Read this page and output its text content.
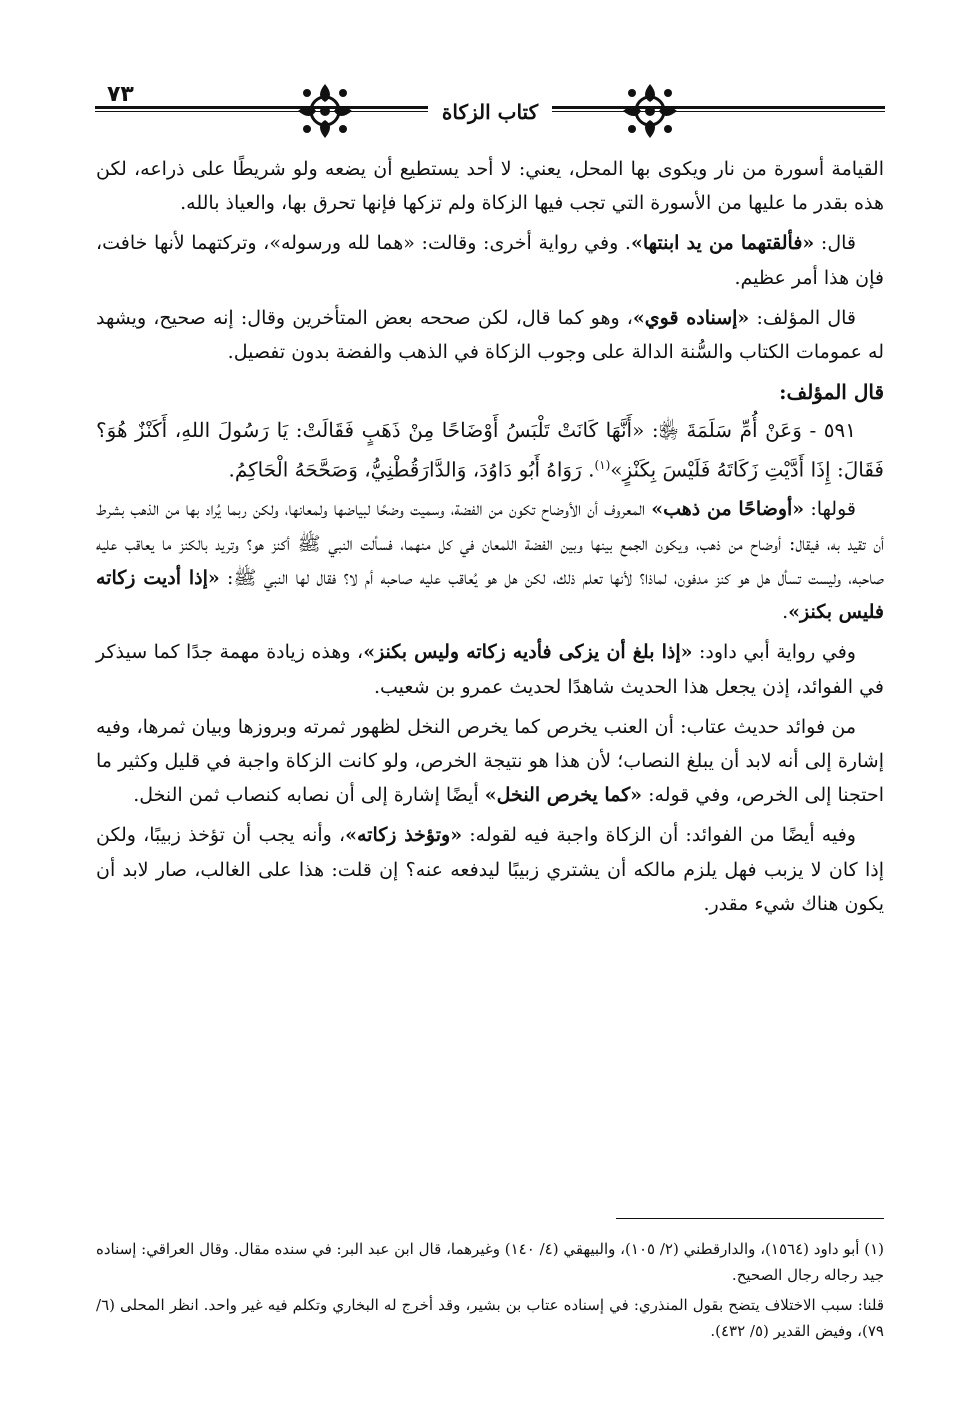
٧٣
كتاب الزكاة

القيامة أسورة من نار ويكوى بها المحل، يعني: لا أحد يستطيع أن يضعه ولو شريطًا على ذراعه، لكن هذه بقدر ما عليها من الأسورة التي تجب فيها الزكاة ولم تزكها فإنها تحرق بها، والعياذ بالله.

قال: «فألقتهما من يد ابنتها». وفي رواية أخرى: وقالت: «هما لله ورسوله»، وتركتهما لأنها خافت، فإن هذا أمر عظيم.

قال المؤلف: «إسناده قوي»، وهو كما قال، لكن صححه بعض المتأخرين وقال: إنه صحيح، ويشهد له عمومات الكتاب والسُّنة الدالة على وجوب الزكاة في الذهب والفضة بدون تفصيل.

قال المؤلف:

٥٩١ - وَعَنْ أُمِّ سَلَمَةَ ﵂: «أَنَّهَا كَانَتْ تَلْبَسُ أَوْضَاحًا مِنْ ذَهَبٍ فَقَالَتْ: يَا رَسُولَ اللهِ، أَكَنْزٌ هُوَ؟ فَقَالَ: إِذَا أَدَّيْتِ زَكَاتَهُ فَلَيْسَ بِكَنْزٍ»$^{(١)}$. رَوَاهُ أَبُو دَاوُدَ، وَالدَّارَقُطْنِيُّ، وَصَحَّحَهُ الْحَاكِمُ.

قولها: «أوضاحًا من ذهب» المعروف أن الأوضاح تكون من الفضة، وسميت وضحًا لبياضها ولمعانها، ولكن ربما يُراد بها من الذهب بشرط أن تقيد به، فيقال: أوضاح من ذهب، ويكون الجمع بينها وبين الفضة اللمعان في كل منهما، فسألت النبي ﷺ أكنز هو؟ وتريد بالكنز ما يعاقب عليه صاحبه، وليست تسأل هل هو كنز مدفون، لماذا؟ لأنها تعلم ذلك، لكن هل هو يُعاقب عليه صاحبه أم لا؟ فقال لها النبي ﷺ: «إذا أديت زكاته فليس بكنز».

وفي رواية أبي داود: «إذا بلغ أن يزكى فأديه زكاته وليس بكنز»، وهذه زيادة مهمة جدًا كما سيذكر في الفوائد، إذن يجعل هذا الحديث شاهدًا لحديث عمرو بن شعيب.

من فوائد حديث عتاب: أن العنب يخرص كما يخرص النخل لظهور ثمرته وبروزها وبيان ثمرها، وفيه إشارة إلى أنه لابد أن يبلغ النصاب؛ لأن هذا هو نتيجة الخرص، ولو كانت الزكاة واجبة في قليل وكثير ما احتجنا إلى الخرص، وفي قوله: «كما يخرص النخل» أيضًا إشارة إلى أن نصابه كنصاب ثمن النخل.

وفيه أيضًا من الفوائد: أن الزكاة واجبة فيه لقوله: «وتؤخذ زكاته»، وأنه يجب أن تؤخذ زبيبًا، ولكن إذا كان لا يزبب فهل يلزم مالكه أن يشتري زبيبًا ليدفعه عنه؟ إن قلت: هذا على الغالب، صار لابد أن يكون هناك شيء مقدر.

(١) أبو داود (١٥٦٤)، والدارقطني (٢/ ١٠٥)، والبيهقي (٤/ ١٤٠) وغيرهما، قال ابن عبد البر: في سنده مقال. وقال العراقي: إسناده جيد رجاله رجال الصحيح.

قلنا: سبب الاختلاف يتضح بقول المنذري: في إسناده عتاب بن بشير، وقد أخرج له البخاري وتكلم فيه غير واحد. انظر المحلى (٦/ ٧٩)، وفيض القدير (٥/ ٤٣٢).
